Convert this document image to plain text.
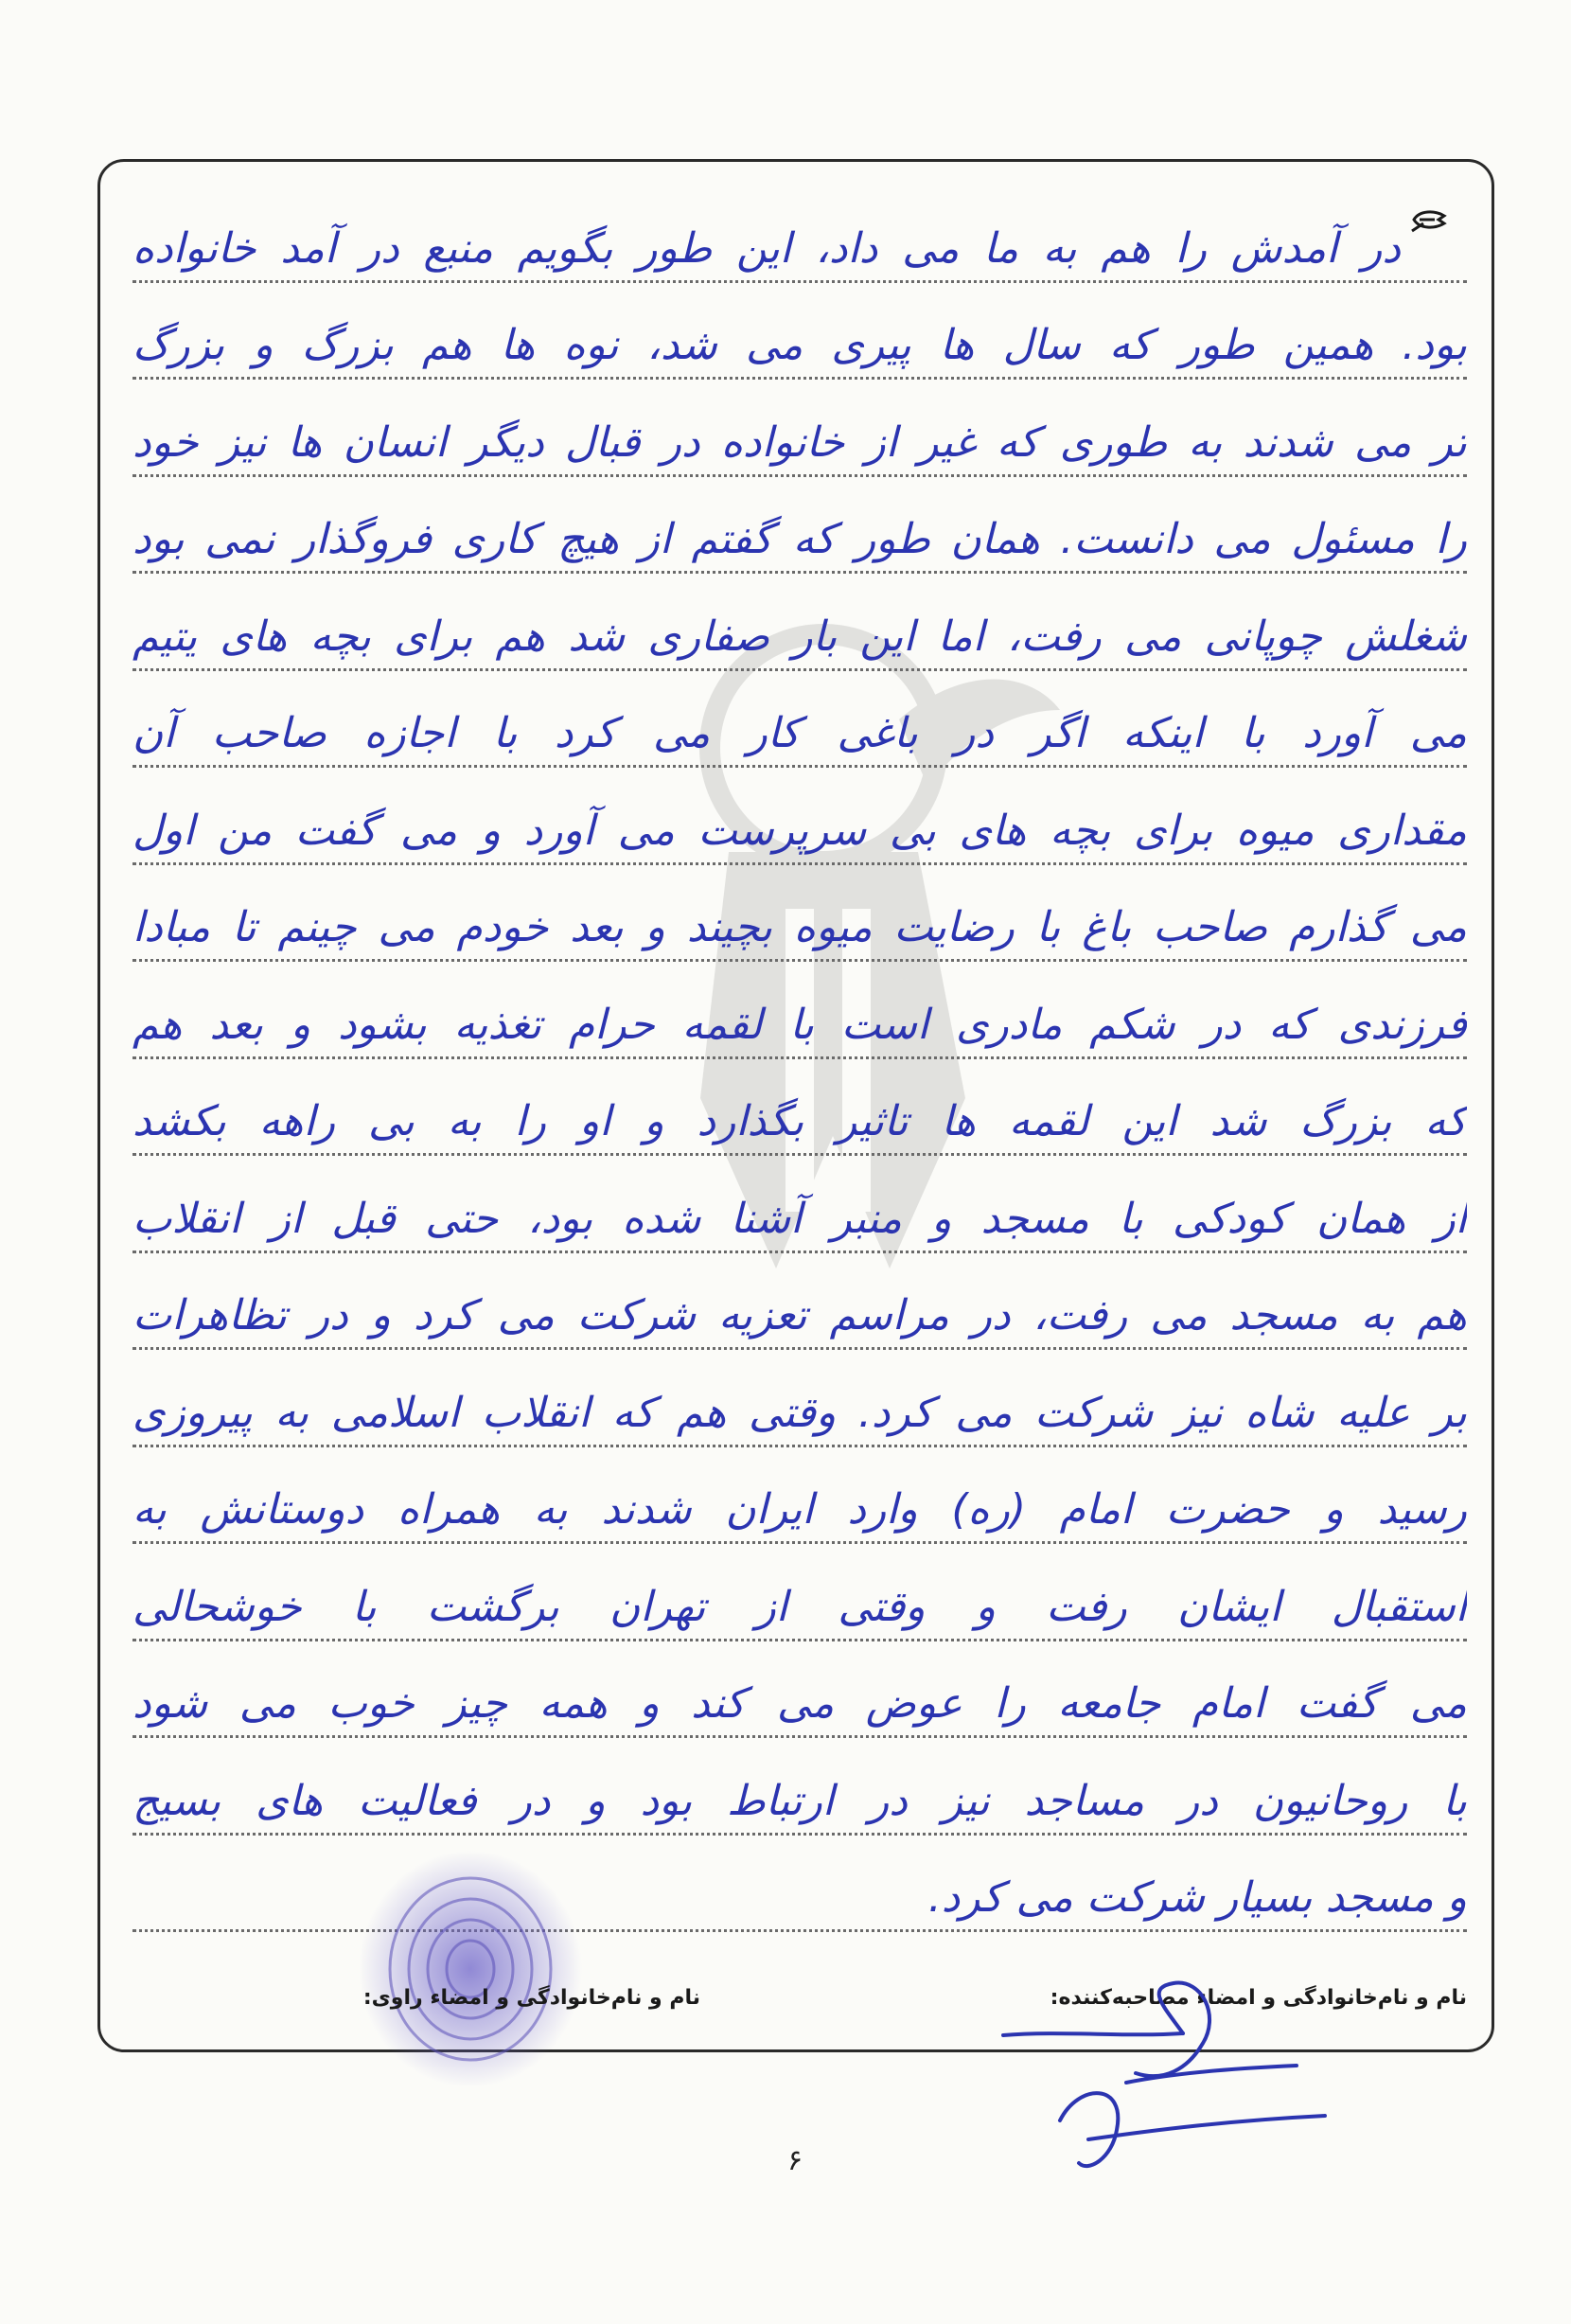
در آمدش را هم به ما می داد، این طور بگویم منبع در آمد خانواده
بود. همین طور که سال ها پیری می شد، نوه ها هم بزرگ و بزرگ
تر می شدند به طوری که غیر از خانواده در قبال دیگر انسان ها نیز خود
را مسئول می دانست. همان طور که گفتم از هیچ کاری فروگذار نمی بود
شغلش چوپانی می رفت، اما این بار صفاری شد هم برای بچه های یتیم
می آورد با اینکه اگر در باغی کار می کرد با اجازه صاحب آن
مقداری میوه برای بچه های بی سرپرست می آورد و می گفت من اول
می گذارم صاحب باغ با رضایت میوه بچیند و بعد خودم می چینم تا مبادا
فرزندی که در شکم مادری است با لقمه حرام تغذیه بشود و بعد هم
که بزرگ شد این لقمه ها تاثیر بگذارد و او را به بی راهه بکشد
از همان کودکی با مسجد و منبر آشنا شده بود، حتی قبل از انقلاب
هم به مسجد می رفت، در مراسم تعزیه شرکت می کرد و در تظاهرات
بر علیه شاه نیز شرکت می کرد. وقتی هم که انقلاب اسلامی به پیروزی
رسید و حضرت امام (ره) وارد ایران شدند به همراه دوستانش به
استقبال ایشان رفت و وقتی از تهران برگشت با خوشحالی
می گفت امام جامعه را عوض می کند و همه چیز خوب می شود
با روحانیون در مساجد نیز در ارتباط بود و در فعالیت های بسیج
و مسجد بسیار شرکت می کرد.
نام و نام‌خانوادگی و امضاء مصاحبه‌کننده:
نام و نام‌خانوادگی و امضاء راوی:
۶
